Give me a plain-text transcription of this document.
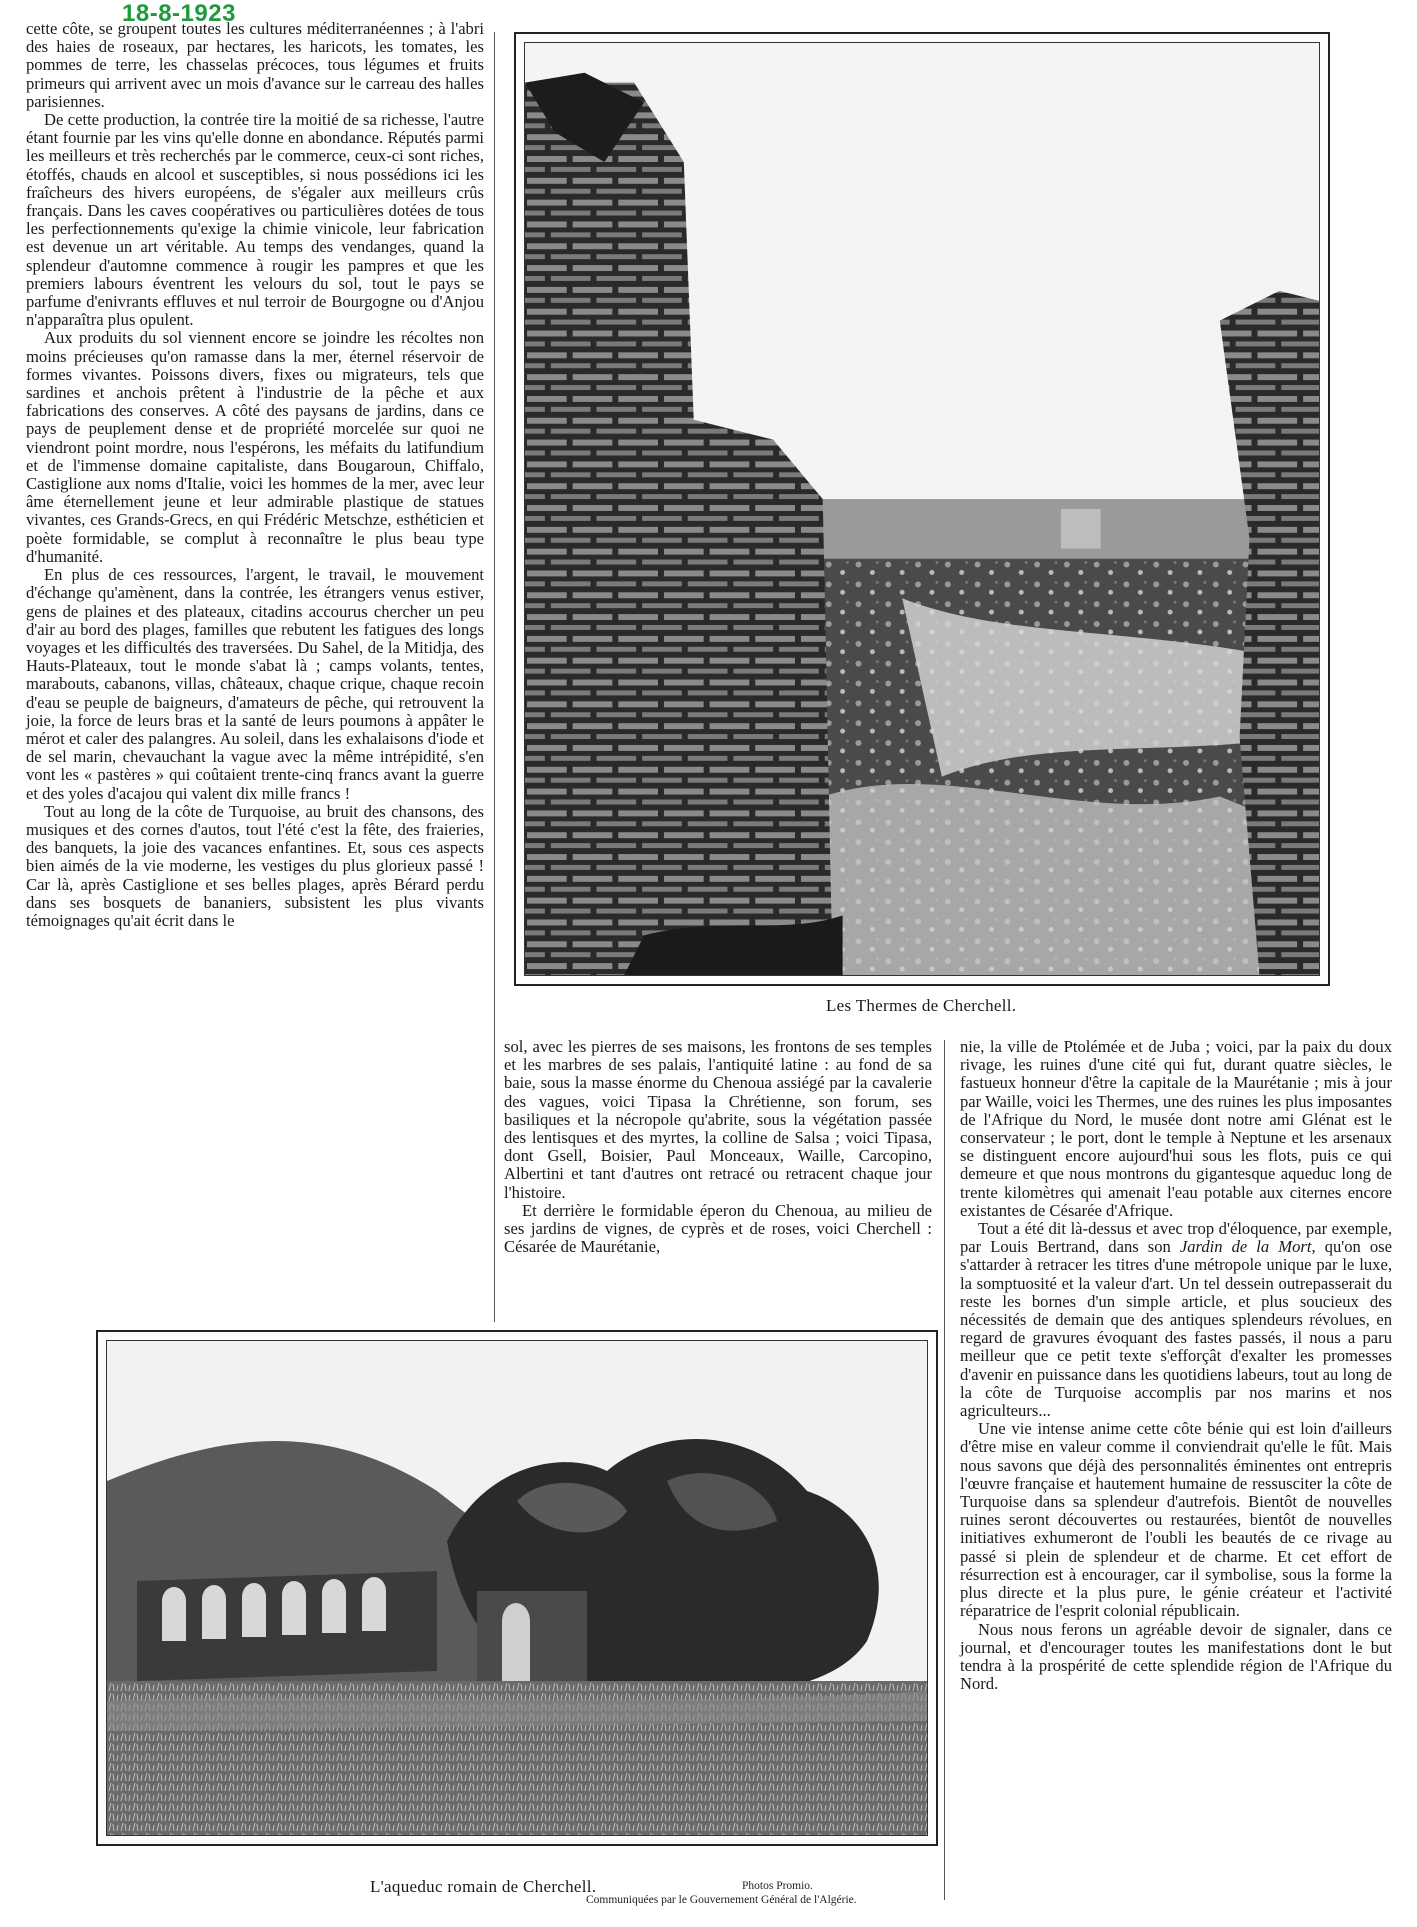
18-8-1923

cette côte, se groupent toutes les cultures méditerranéennes ; à l'abri des haies de roseaux, par hectares, les haricots, les tomates, les pommes de terre, les chasselas précoces, tous légumes et fruits primeurs qui arrivent avec un mois d'avance sur le carreau des halles parisiennes.

De cette production, la contrée tire la moitié de sa richesse, l'autre étant fournie par les vins qu'elle donne en abondance. Réputés parmi les meilleurs et très recherchés par le commerce, ceux-ci sont riches, étoffés, chauds en alcool et susceptibles, si nous possédions ici les fraîcheurs des hivers européens, de s'égaler aux meilleurs crûs français. Dans les caves coopératives ou particulières dotées de tous les perfectionnements qu'exige la chimie vinicole, leur fabrication est devenue un art véritable. Au temps des vendanges, quand la splendeur d'automne commence à rougir les pampres et que les premiers labours éventrent les velours du sol, tout le pays se parfume d'enivrants effluves et nul terroir de Bourgogne ou d'Anjou n'apparaîtra plus opulent.

Aux produits du sol viennent encore se joindre les récoltes non moins précieuses qu'on ramasse dans la mer, éternel réservoir de formes vivantes. Poissons divers, fixes ou migrateurs, tels que sardines et anchois prêtent à l'industrie de la pêche et aux fabrications des conserves. A côté des paysans de jardins, dans ce pays de peuplement dense et de propriété morcelée sur quoi ne viendront point mordre, nous l'espérons, les méfaits du latifundium et de l'immense domaine capitaliste, dans Bougaroun, Chiffalo, Castiglione aux noms d'Italie, voici les hommes de la mer, avec leur âme éternellement jeune et leur admirable plastique de statues vivantes, ces Grands-Grecs, en qui Frédéric Metschze, esthéticien et poète formidable, se complut à reconnaître le plus beau type d'humanité.

En plus de ces ressources, l'argent, le travail, le mouvement d'échange qu'amènent, dans la contrée, les étrangers venus estiver, gens de plaines et des plateaux, citadins accourus chercher un peu d'air au bord des plages, familles que rebutent les fatigues des longs voyages et les difficultés des traversées. Du Sahel, de la Mitidja, des Hauts-Plateaux, tout le monde s'abat là ; camps volants, tentes, marabouts, cabanons, villas, châteaux, chaque crique, chaque recoin d'eau se peuple de baigneurs, d'amateurs de pêche, qui retrouvent la joie, la force de leurs bras et la santé de leurs poumons à appâter le mérot et caler des palangres. Au soleil, dans les exhalaisons d'iode et de sel marin, chevauchant la vague avec la même intrépidité, s'en vont les « pastères » qui coûtaient trente-cinq francs avant la guerre et des yoles d'acajou qui valent dix mille francs !

Tout au long de la côte de Turquoise, au bruit des chansons, des musiques et des cornes d'autos, tout l'été c'est la fête, des fraieries, des banquets, la joie des vacances enfantines. Et, sous ces aspects bien aimés de la vie moderne, les vestiges du plus glorieux passé ! Car là, après Castiglione et ses belles plages, après Bérard perdu dans ses bosquets de bananiers, subsistent les plus vivants témoignages qu'ait écrit dans le

Les Thermes de Cherchell.

sol, avec les pierres de ses maisons, les frontons de ses temples et les marbres de ses palais, l'antiquité latine : au fond de sa baie, sous la masse énorme du Chenoua assiégé par la cavalerie des vagues, voici Tipasa la Chrétienne, son forum, ses basiliques et la nécropole qu'abrite, sous la végétation passée des lentisques et des myrtes, la colline de Salsa ; voici Tipasa, dont Gsell, Boisier, Paul Monceaux, Waille, Carcopino, Albertini et tant d'autres ont retracé ou retracent chaque jour l'histoire.

Et derrière le formidable éperon du Chenoua, au milieu de ses jardins de vignes, de cyprès et de roses, voici Cherchell : Césarée de Maurétanie,

nie, la ville de Ptolémée et de Juba ; voici, par la paix du doux rivage, les ruines d'une cité qui fut, durant quatre siècles, le fastueux honneur d'être la capitale de la Maurétanie ; mis à jour par Waille, voici les Thermes, une des ruines les plus imposantes de l'Afrique du Nord, le musée dont notre ami Glénat est le conservateur ; le port, dont le temple à Neptune et les arsenaux se distinguent encore aujourd'hui sous les flots, puis ce qui demeure et que nous montrons du gigantesque aqueduc long de trente kilomètres qui amenait l'eau potable aux citernes encore existantes de Césarée d'Afrique.

Tout a été dit là-dessus et avec trop d'éloquence, par exemple, par Louis Bertrand, dans son Jardin de la Mort, qu'on ose s'attarder à retracer les titres d'une métropole unique par le luxe, la somptuosité et la valeur d'art. Un tel dessein outrepasserait du reste les bornes d'un simple article, et plus soucieux des nécessités de demain que des antiques splendeurs révolues, en regard de gravures évoquant des fastes passés, il nous a paru meilleur que ce petit texte s'efforçât d'exalter les promesses d'avenir en puissance dans les quotidiens labeurs, tout au long de la côte de Turquoise accomplis par nos marins et nos agriculteurs...

Une vie intense anime cette côte bénie qui est loin d'ailleurs d'être mise en valeur comme il conviendrait qu'elle le fût. Mais nous savons que déjà des personnalités éminentes ont entrepris l'œuvre française et hautement humaine de ressusciter la côte de Turquoise dans sa splendeur d'autrefois. Bientôt de nouvelles ruines seront découvertes ou restaurées, bientôt de nouvelles initiatives exhumeront de l'oubli les beautés de ce rivage au passé si plein de splendeur et de charme. Et cet effort de résurrection est à encourager, car il symbolise, sous la forme la plus directe et la plus pure, le génie créateur et l'activité réparatrice de l'esprit colonial républicain.

Nous nous ferons un agréable devoir de signaler, dans ce journal, et d'encourager toutes les manifestations dont le but tendra à la prospérité de cette splendide région de l'Afrique du Nord.

L'aqueduc romain de Cherchell.	Photos Promio.
Communiquées par le Gouvernement Général de l'Algérie.
